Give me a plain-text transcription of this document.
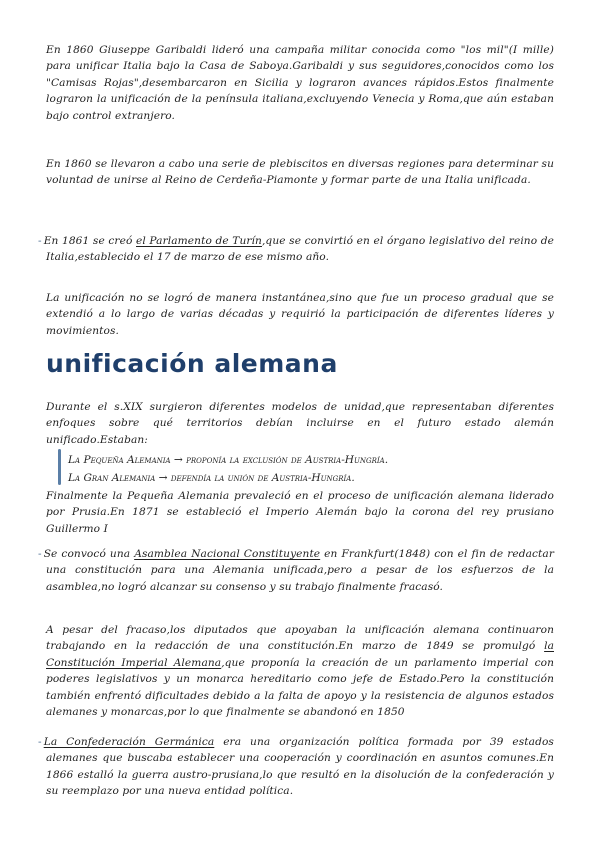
En 1860 Giuseppe Garibaldi lideró una campaña militar conocida como "los mil"(I mille) para unificar Italia bajo la Casa de Saboya.Garibaldi y sus seguidores,conocidos como los "Camisas Rojas",desembarcaron en Sicilia y lograron avances rápidos.Estos finalmente lograron la unificación de la península italiana,excluyendo Venecia y Roma,que aún estaban bajo control extranjero.
En 1860 se llevaron a cabo una serie de plebiscitos en diversas regiones para determinar su voluntad de unirse al Reino de Cerdeña-Piamonte y formar parte de una Italia unificada.
- En 1861 se creó el Parlamento de Turín,que se convirtió en el órgano legislativo del reino de Italia,establecido el 17 de marzo de ese mismo año.
La unificación no se logró de manera instantánea,sino que fue un proceso gradual que se extendió a lo largo de varias décadas y requirió la participación de diferentes líderes y movimientos.
unificación alemana
Durante el s.XIX surgieron diferentes modelos de unidad,que representaban diferentes enfoques sobre qué territorios debían incluirse en el futuro estado alemán unificado.Estaban:
La Pequeña Alemania → proponía la exclusión de Austria-Hungría.
La Gran Alemania → defendía la unión de Austria-Hungría.
Finalmente la Pequeña Alemania prevaleció en el proceso de unificación alemana liderado por Prusia.En 1871 se estableció el Imperio Alemán bajo la corona del rey prusiano Guillermo I
- Se convocó una Asamblea Nacional Constituyente en Frankfurt(1848) con el fin de redactar una constitución para una Alemania unificada,pero a pesar de los esfuerzos de la asamblea,no logró alcanzar su consenso y su trabajo finalmente fracasó.
A pesar del fracaso,los diputados que apoyaban la unificación alemana continuaron trabajando en la redacción de una constitución.En marzo de 1849 se promulgó la Constitución Imperial Alemana,que proponía la creación de un parlamento imperial con poderes legislativos y un monarca hereditario como jefe de Estado.Pero la constitución también enfrentó dificultades debido a la falta de apoyo y la resistencia de algunos estados alemanes y monarcas,por lo que finalmente se abandonó en 1850
- La Confederación Germánica era una organización política formada por 39 estados alemanes que buscaba establecer una cooperación y coordinación en asuntos comunes.En 1866 estalló la guerra austro-prusiana,lo que resultó en la disolución de la confederación y su reemplazo por una nueva entidad política.
